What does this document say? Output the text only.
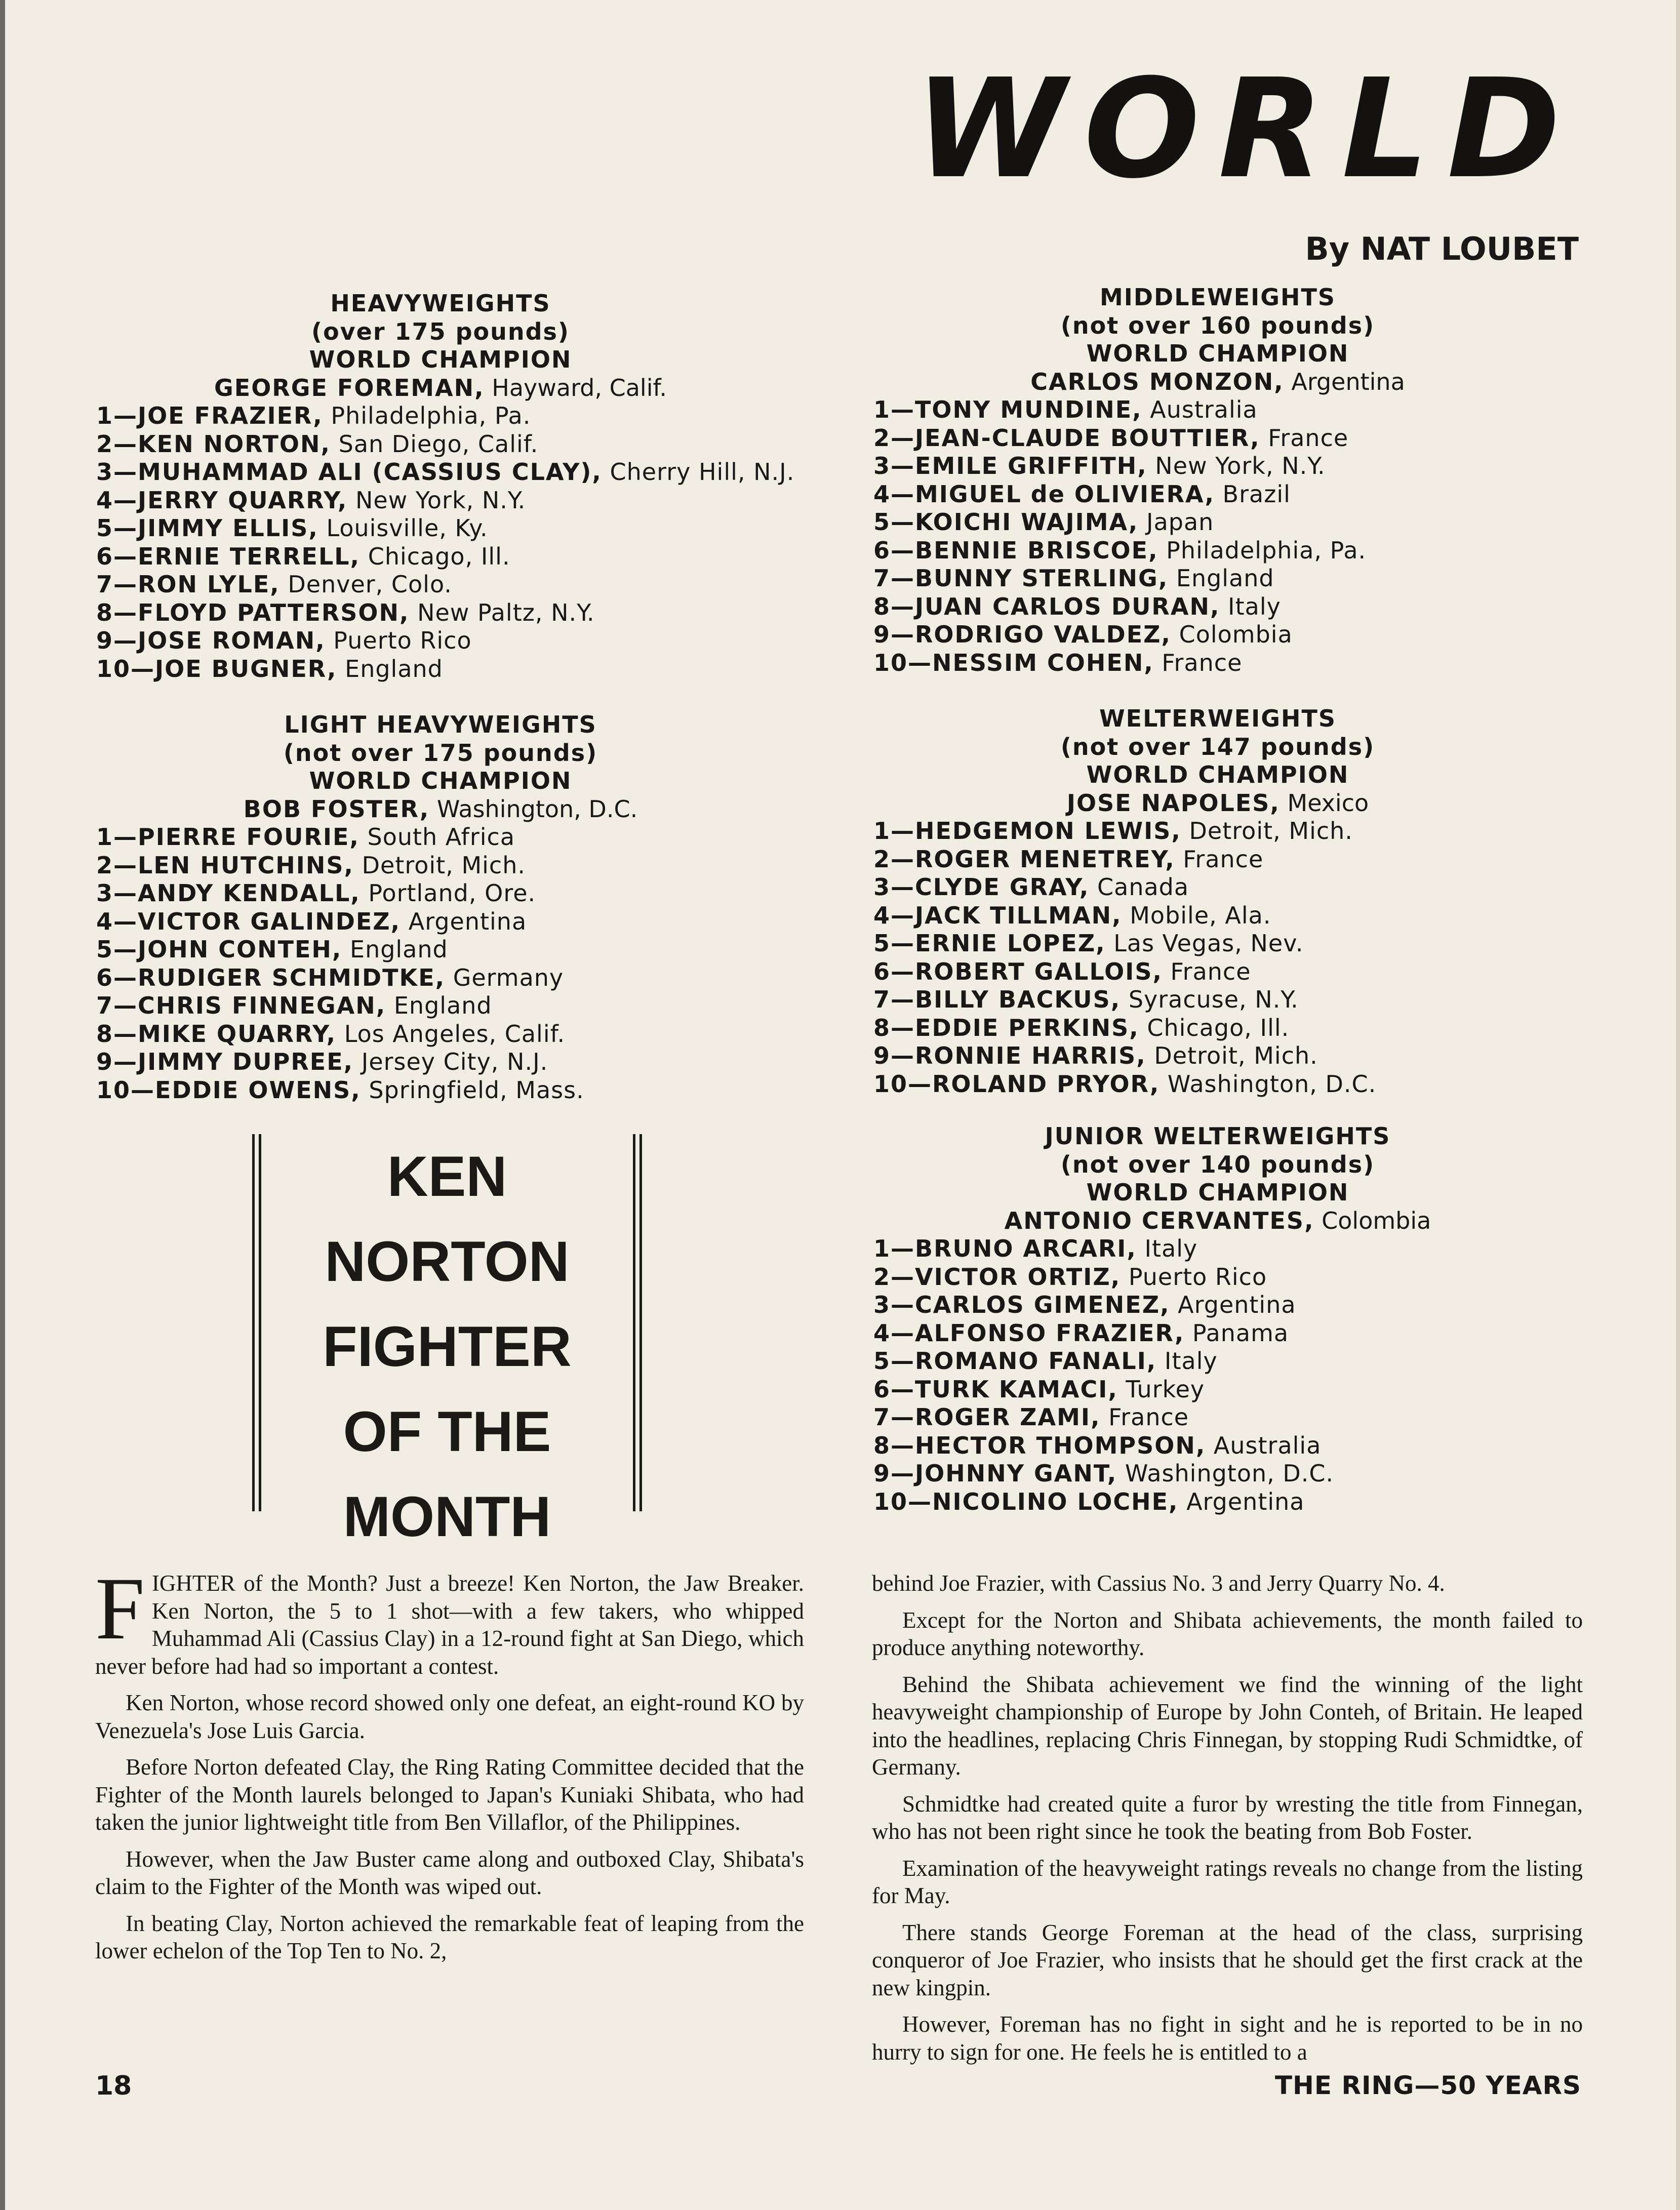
WORLD
By NAT LOUBET
HEAVYWEIGHTS
(over 175 pounds)
WORLD CHAMPION
GEORGE FOREMAN, Hayward, Calif.
1—JOE FRAZIER, Philadelphia, Pa.
2—KEN NORTON, San Diego, Calif.
3—MUHAMMAD ALI (CASSIUS CLAY), Cherry Hill, N.J.
4—JERRY QUARRY, New York, N.Y.
5—JIMMY ELLIS, Louisville, Ky.
6—ERNIE TERRELL, Chicago, Ill.
7—RON LYLE, Denver, Colo.
8—FLOYD PATTERSON, New Paltz, N.Y.
9—JOSE ROMAN, Puerto Rico
10—JOE BUGNER, England
LIGHT HEAVYWEIGHTS
(not over 175 pounds)
WORLD CHAMPION
BOB FOSTER, Washington, D.C.
1—PIERRE FOURIE, South Africa
2—LEN HUTCHINS, Detroit, Mich.
3—ANDY KENDALL, Portland, Ore.
4—VICTOR GALINDEZ, Argentina
5—JOHN CONTEH, England
6—RUDIGER SCHMIDTKE, Germany
7—CHRIS FINNEGAN, England
8—MIKE QUARRY, Los Angeles, Calif.
9—JIMMY DUPREE, Jersey City, N.J.
10—EDDIE OWENS, Springfield, Mass.
MIDDLEWEIGHTS
(not over 160 pounds)
WORLD CHAMPION
CARLOS MONZON, Argentina
1—TONY MUNDINE, Australia
2—JEAN-CLAUDE BOUTTIER, France
3—EMILE GRIFFITH, New York, N.Y.
4—MIGUEL de OLIVIERA, Brazil
5—KOICHI WAJIMA, Japan
6—BENNIE BRISCOE, Philadelphia, Pa.
7—BUNNY STERLING, England
8—JUAN CARLOS DURAN, Italy
9—RODRIGO VALDEZ, Colombia
10—NESSIM COHEN, France
WELTERWEIGHTS
(not over 147 pounds)
WORLD CHAMPION
JOSE NAPOLES, Mexico
1—HEDGEMON LEWIS, Detroit, Mich.
2—ROGER MENETREY, France
3—CLYDE GRAY, Canada
4—JACK TILLMAN, Mobile, Ala.
5—ERNIE LOPEZ, Las Vegas, Nev.
6—ROBERT GALLOIS, France
7—BILLY BACKUS, Syracuse, N.Y.
8—EDDIE PERKINS, Chicago, Ill.
9—RONNIE HARRIS, Detroit, Mich.
10—ROLAND PRYOR, Washington, D.C.
JUNIOR WELTERWEIGHTS
(not over 140 pounds)
WORLD CHAMPION
ANTONIO CERVANTES, Colombia
1—BRUNO ARCARI, Italy
2—VICTOR ORTIZ, Puerto Rico
3—CARLOS GIMENEZ, Argentina
4—ALFONSO FRAZIER, Panama
5—ROMANO FANALI, Italy
6—TURK KAMACI, Turkey
7—ROGER ZAMI, France
8—HECTOR THOMPSON, Australia
9—JOHNNY GANT, Washington, D.C.
10—NICOLINO LOCHE, Argentina
KEN
NORTON
FIGHTER
OF THE
MONTH

FIGHTER of the Month? Just a breeze! Ken Norton, the Jaw Breaker. Ken Norton, the 5 to 1 shot—with a few takers, who whipped Muhammad Ali (Cassius Clay) in a 12-round fight at San Diego, which never before had had so important a contest.

Ken Norton, whose record showed only one defeat, an eight-round KO by Venezuela's Jose Luis Garcia.

Before Norton defeated Clay, the Ring Rating Committee decided that the Fighter of the Month laurels belonged to Japan's Kuniaki Shibata, who had taken the junior lightweight title from Ben Villaflor, of the Philippines.

However, when the Jaw Buster came along and outboxed Clay, Shibata's claim to the Fighter of the Month was wiped out.

In beating Clay, Norton achieved the remarkable feat of leaping from the lower echelon of the Top Ten to No. 2,

behind Joe Frazier, with Cassius No. 3 and Jerry Quarry No. 4.

Except for the Norton and Shibata achievements, the month failed to produce anything noteworthy.

Behind the Shibata achievement we find the winning of the light heavyweight championship of Europe by John Conteh, of Britain. He leaped into the headlines, replacing Chris Finnegan, by stopping Rudi Schmidtke, of Germany.

Schmidtke had created quite a furor by wresting the title from Finnegan, who has not been right since he took the beating from Bob Foster.

Examination of the heavyweight ratings reveals no change from the listing for May.

There stands George Foreman at the head of the class, surprising conqueror of Joe Frazier, who insists that he should get the first crack at the new kingpin.

However, Foreman has no fight in sight and he is reported to be in no hurry to sign for one. He feels he is entitled to a

18	THE RING—50 YEARS
